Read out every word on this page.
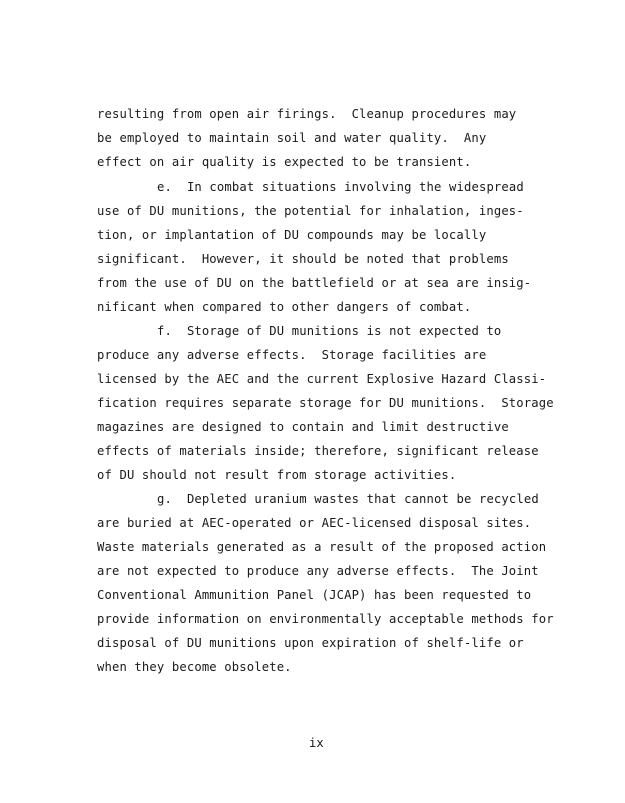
resulting from open air firings.  Cleanup procedures may
be employed to maintain soil and water quality.  Any
effect on air quality is expected to be transient.
e.  In combat situations involving the widespread
use of DU munitions, the potential for inhalation, inges-
tion, or implantation of DU compounds may be locally
significant.  However, it should be noted that problems
from the use of DU on the battlefield or at sea are insig-
nificant when compared to other dangers of combat.
f.  Storage of DU munitions is not expected to
produce any adverse effects.  Storage facilities are
licensed by the AEC and the current Explosive Hazard Classi-
fication requires separate storage for DU munitions.  Storage
magazines are designed to contain and limit destructive
effects of materials inside; therefore, significant release
of DU should not result from storage activities.
g.  Depleted uranium wastes that cannot be recycled
are buried at AEC-operated or AEC-licensed disposal sites.
Waste materials generated as a result of the proposed action
are not expected to produce any adverse effects.  The Joint
Conventional Ammunition Panel (JCAP) has been requested to
provide information on environmentally acceptable methods for
disposal of DU munitions upon expiration of shelf-life or
when they become obsolete.
ix
